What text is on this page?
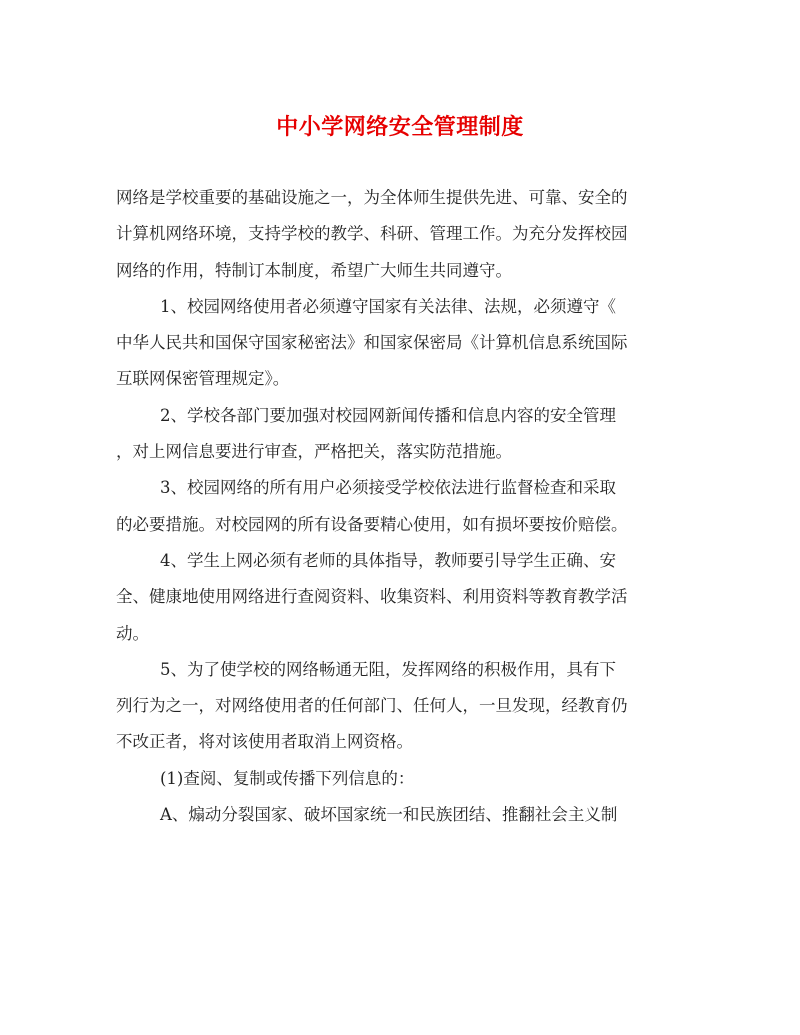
中小学网络安全管理制度

网络是学校重要的基础设施之一，为全体师生提供先进、可靠、安全的
计算机网络环境，支持学校的教学、科研、管理工作。为充分发挥校园
网络的作用，特制订本制度，希望广大师生共同遵守。

1、校园网络使用者必须遵守国家有关法律、法规，必须遵守《
中华人民共和国保守国家秘密法》和国家保密局《计算机信息系统国际
互联网保密管理规定》。

2、学校各部门要加强对校园网新闻传播和信息内容的安全管理
，对上网信息要进行审查，严格把关，落实防范措施。

3、校园网络的所有用户必须接受学校依法进行监督检查和采取
的必要措施。对校园网的所有设备要精心使用，如有损坏要按价赔偿。

4、学生上网必须有老师的具体指导，教师要引导学生正确、安
全、健康地使用网络进行查阅资料、收集资料、利用资料等教育教学活
动。

5、为了使学校的网络畅通无阻，发挥网络的积极作用，具有下
列行为之一，对网络使用者的任何部门、任何人，一旦发现，经教育仍
不改正者，将对该使用者取消上网资格。

(1)查阅、复制或传播下列信息的：

A、煽动分裂国家、破坏国家统一和民族团结、推翻社会主义制
